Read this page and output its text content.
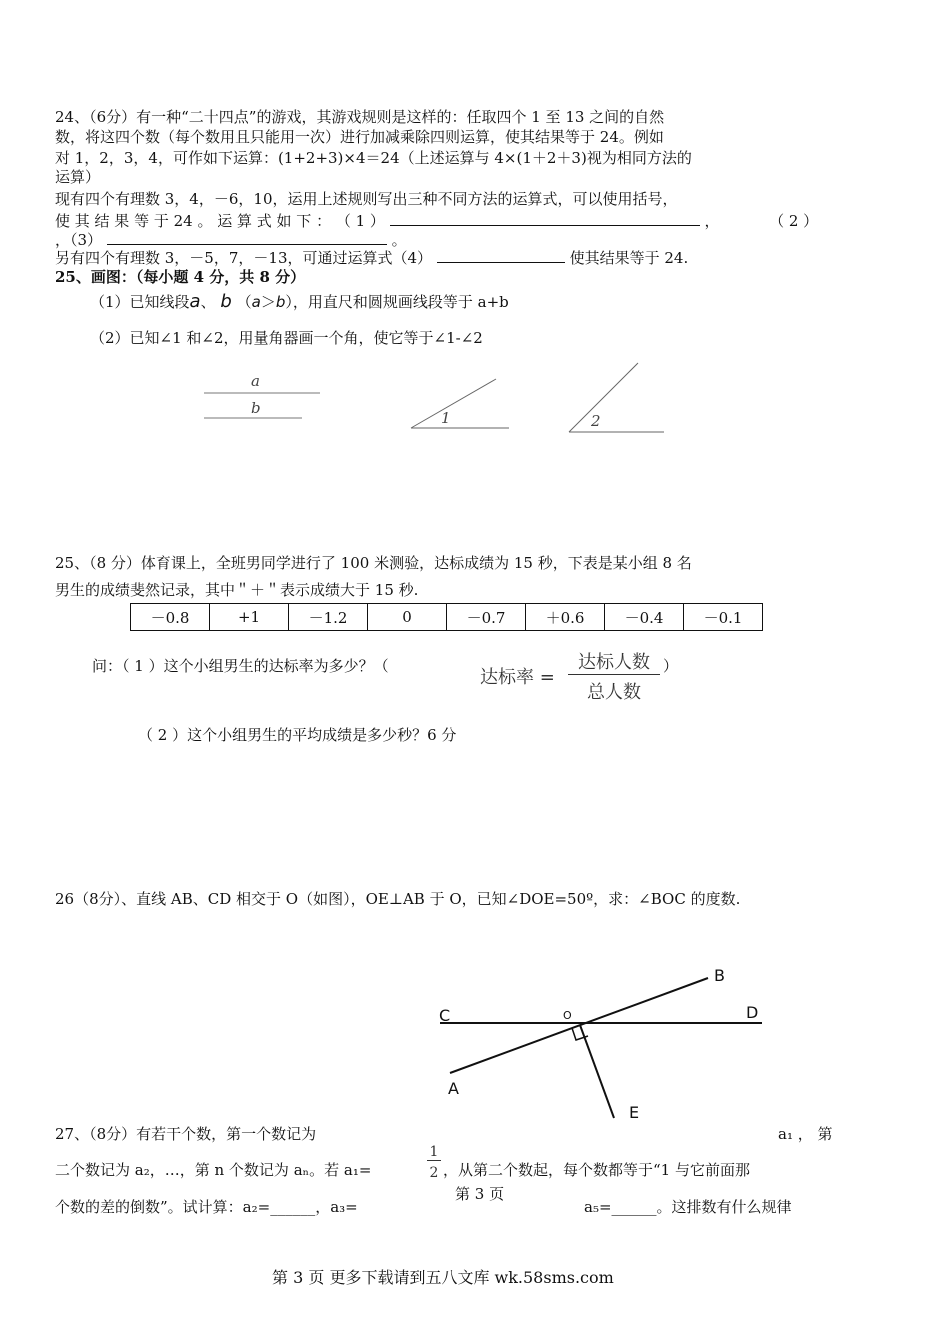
24、（6分）有一种“二十四点”的游戏，其游戏规则是这样的：任取四个 1 至 13 之间的自然
数，将这四个数（每个数用且只能用一次）进行加减乘除四则运算，使其结果等于 24。例如
对 1，2，3，4，可作如下运算：(1+2+3)×4＝24（上述运算与 4×(1＋2＋3)视为相同方法的
运算）
现有四个有理数 3，4，－6，10，运用上述规则写出三种不同方法的运算式，可以使用括号，
使 其 结 果 等 于 24 。 运 算 式 如 下 ： （ 1 ）	，	（ 2 ）
，（3）	。
另有四个有理数 3，－5，7，－13，可通过运算式（4）	使其结果等于 24.
25、画图：（每小题 4 分，共 8 分）
（1）已知线段a、 b （a＞b），用直尺和圆规画线段等于 a+b
（2）已知∠1 和∠2，用量角器画一个角，使它等于∠1-∠2
a
b
1	2
25、（8 分）体育课上，全班男同学进行了 100 米测验，达标成绩为 15 秒，下表是某小组 8 名
男生的成绩斐然记录，其中＂＋＂表示成绩大于 15 秒.
－0.8	+1	－1.2	0	－0.7	＋0.6	－0.4	－0.1
问：（ 1 ）这个小组男生的达标率为多少？（
达标率 =
达标人数
总人数
）
（ 2 ）这个小组男生的平均成绩是多少秒？6 分
26（8分）、直线 AB、CD 相交于 O（如图），OE⊥AB 于 O，已知∠DOE=50º，求：∠BOC 的度数.
C	O	D
B
A
E
27、（8分）有若干个数，第一个数记为	a₁ ， 第
二个数记为 a₂，…，第 n 个数记为 aₙ。若 a₁=
1
2 ，从第二个数起，每个数都等于“1 与它前面那
个数的差的倒数”。试计算：a₂=______，a₃=
第 3 页
a₅=______。这排数有什么规律
第 3 页 更多下载请到五八文库 wk.58sms.com
